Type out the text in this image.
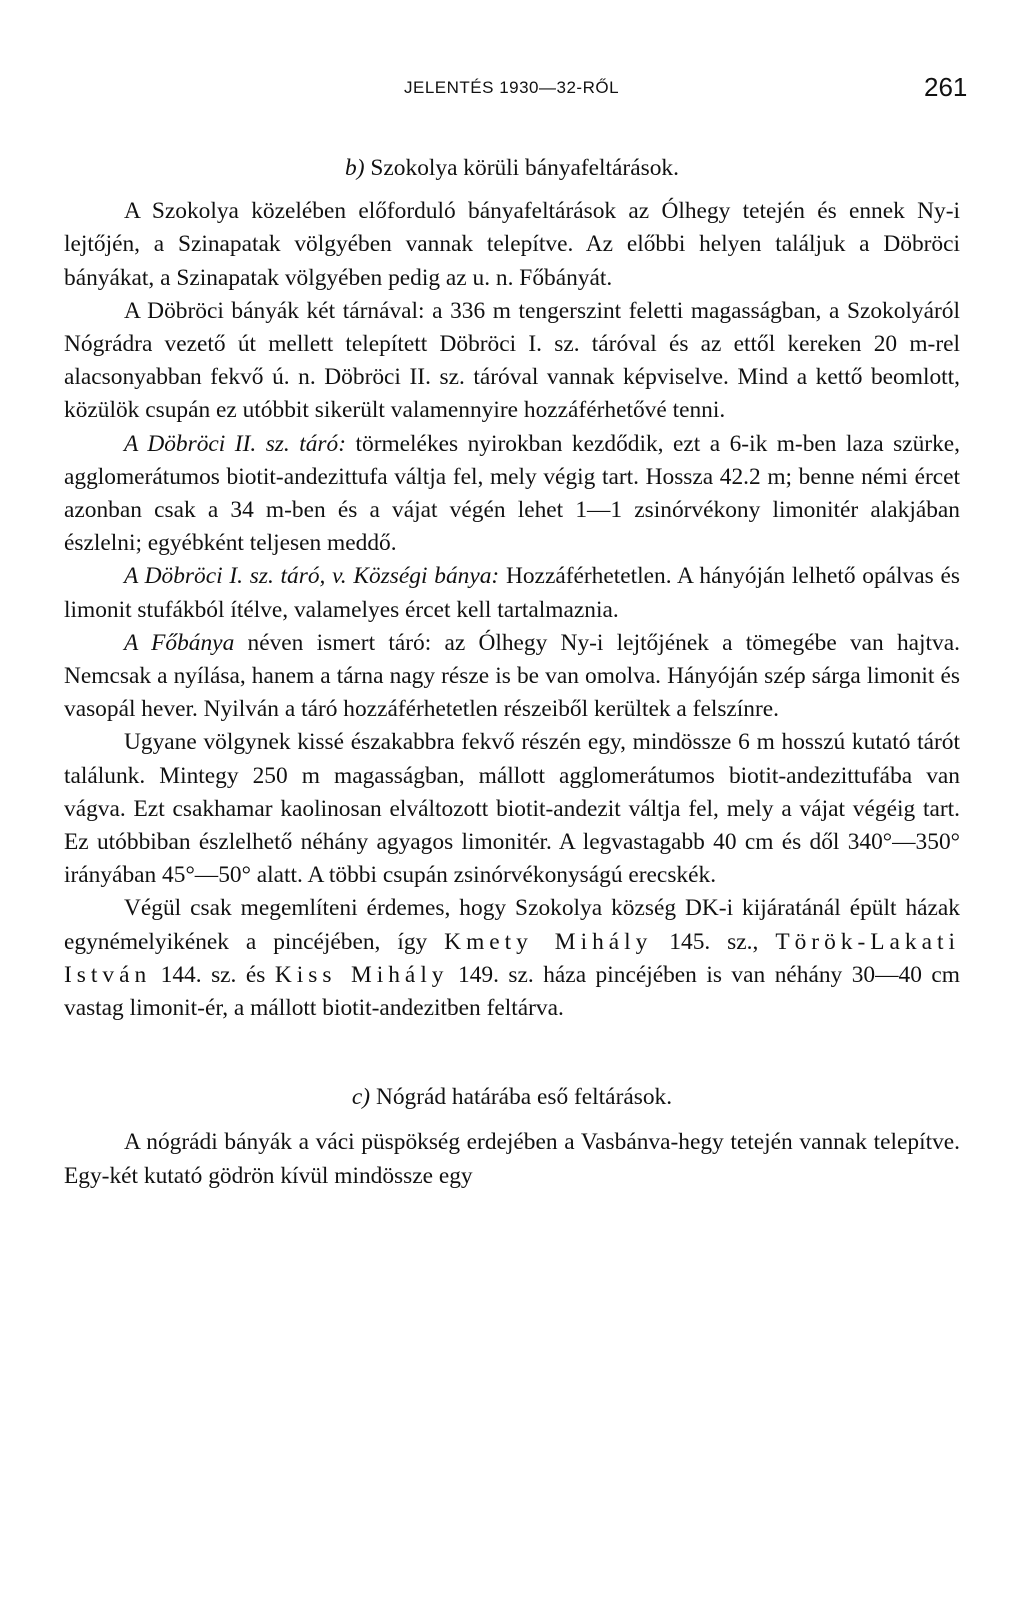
JELENTÉS 1930—32-RŐL	261
b) Szokolya körüli bányafeltárások.

A Szokolya közelében előforduló bányafeltárások az Ólhegy tetején és ennek Ny-i lejtőjén, a Szinapatak völgyében vannak telepítve. Az előbbi helyen találjuk a Döbröci bányákat, a Szinapatak völgyében pedig az u. n. Főbányát.

A Döbröci bányák két tárnával: a 336 m tengerszint feletti magasságban, a Szokolyáról Nógrádra vezető út mellett telepített Döbröci I. sz. táróval és az ettől kereken 20 m-rel alacsonyabban fekvő ú. n. Döbröci II. sz. táróval vannak képviselve. Mind a kettő beomlott, közülök csupán ez utóbbit sikerült valamennyire hozzáférhetővé tenni.

A Döbröci II. sz. táró: törmelékes nyirokban kezdődik, ezt a 6-ik m-ben laza szürke, agglomerátumos biotit-andezittufa váltja fel, mely végig tart. Hossza 42.2 m; benne némi ércet azonban csak a 34 m-ben és a vájat végén lehet 1—1 zsinórvékony limonitér alakjában észlelni; egyébként teljesen meddő.

A Döbröci I. sz. táró, v. Községi bánya: Hozzáférhetetlen. A hányóján lelhető opálvas és limonit stufákból ítélve, valamelyes ércet kell tartalmaznia.

A Főbánya néven ismert táró: az Ólhegy Ny-i lejtőjének a tömegébe van hajtva. Nemcsak a nyílása, hanem a tárna nagy része is be van omolva. Hányóján szép sárga limonit és vasopál hever. Nyilván a táró hozzáférhetetlen részeiből kerültek a felszínre.

Ugyane völgynek kissé északabbra fekvő részén egy, mindössze 6 m hosszú kutató tárót találunk. Mintegy 250 m magasságban, mállott agglomerátumos biotit-andezittufába van vágva. Ezt csakhamar kaolinosan elváltozott biotit-andezit váltja fel, mely a vájat végéig tart. Ez utóbbiban észlelhető néhány agyagos limonitér. A legvastagabb 40 cm és dől 340°—350° irányában 45°—50° alatt. A többi csupán zsinórvékonyságú erecskék.

Végül csak megemlíteni érdemes, hogy Szokolya község DK-i kijáratánál épült házak egynémelyikének a pincéjében, így Kmety Mihály 145. sz., Török-Lakati István 144. sz. és Kiss Mihály 149. sz. háza pincéjében is van néhány 30—40 cm vastag limonit-ér, a mállott biotit-andezitben feltárva.

c) Nógrád határába eső feltárások.

A nógrádi bányák a váci püspökség erdejében a Vasbánva-hegy tetején vannak telepítve. Egy-két kutató gödrön kívül mindössze egy
